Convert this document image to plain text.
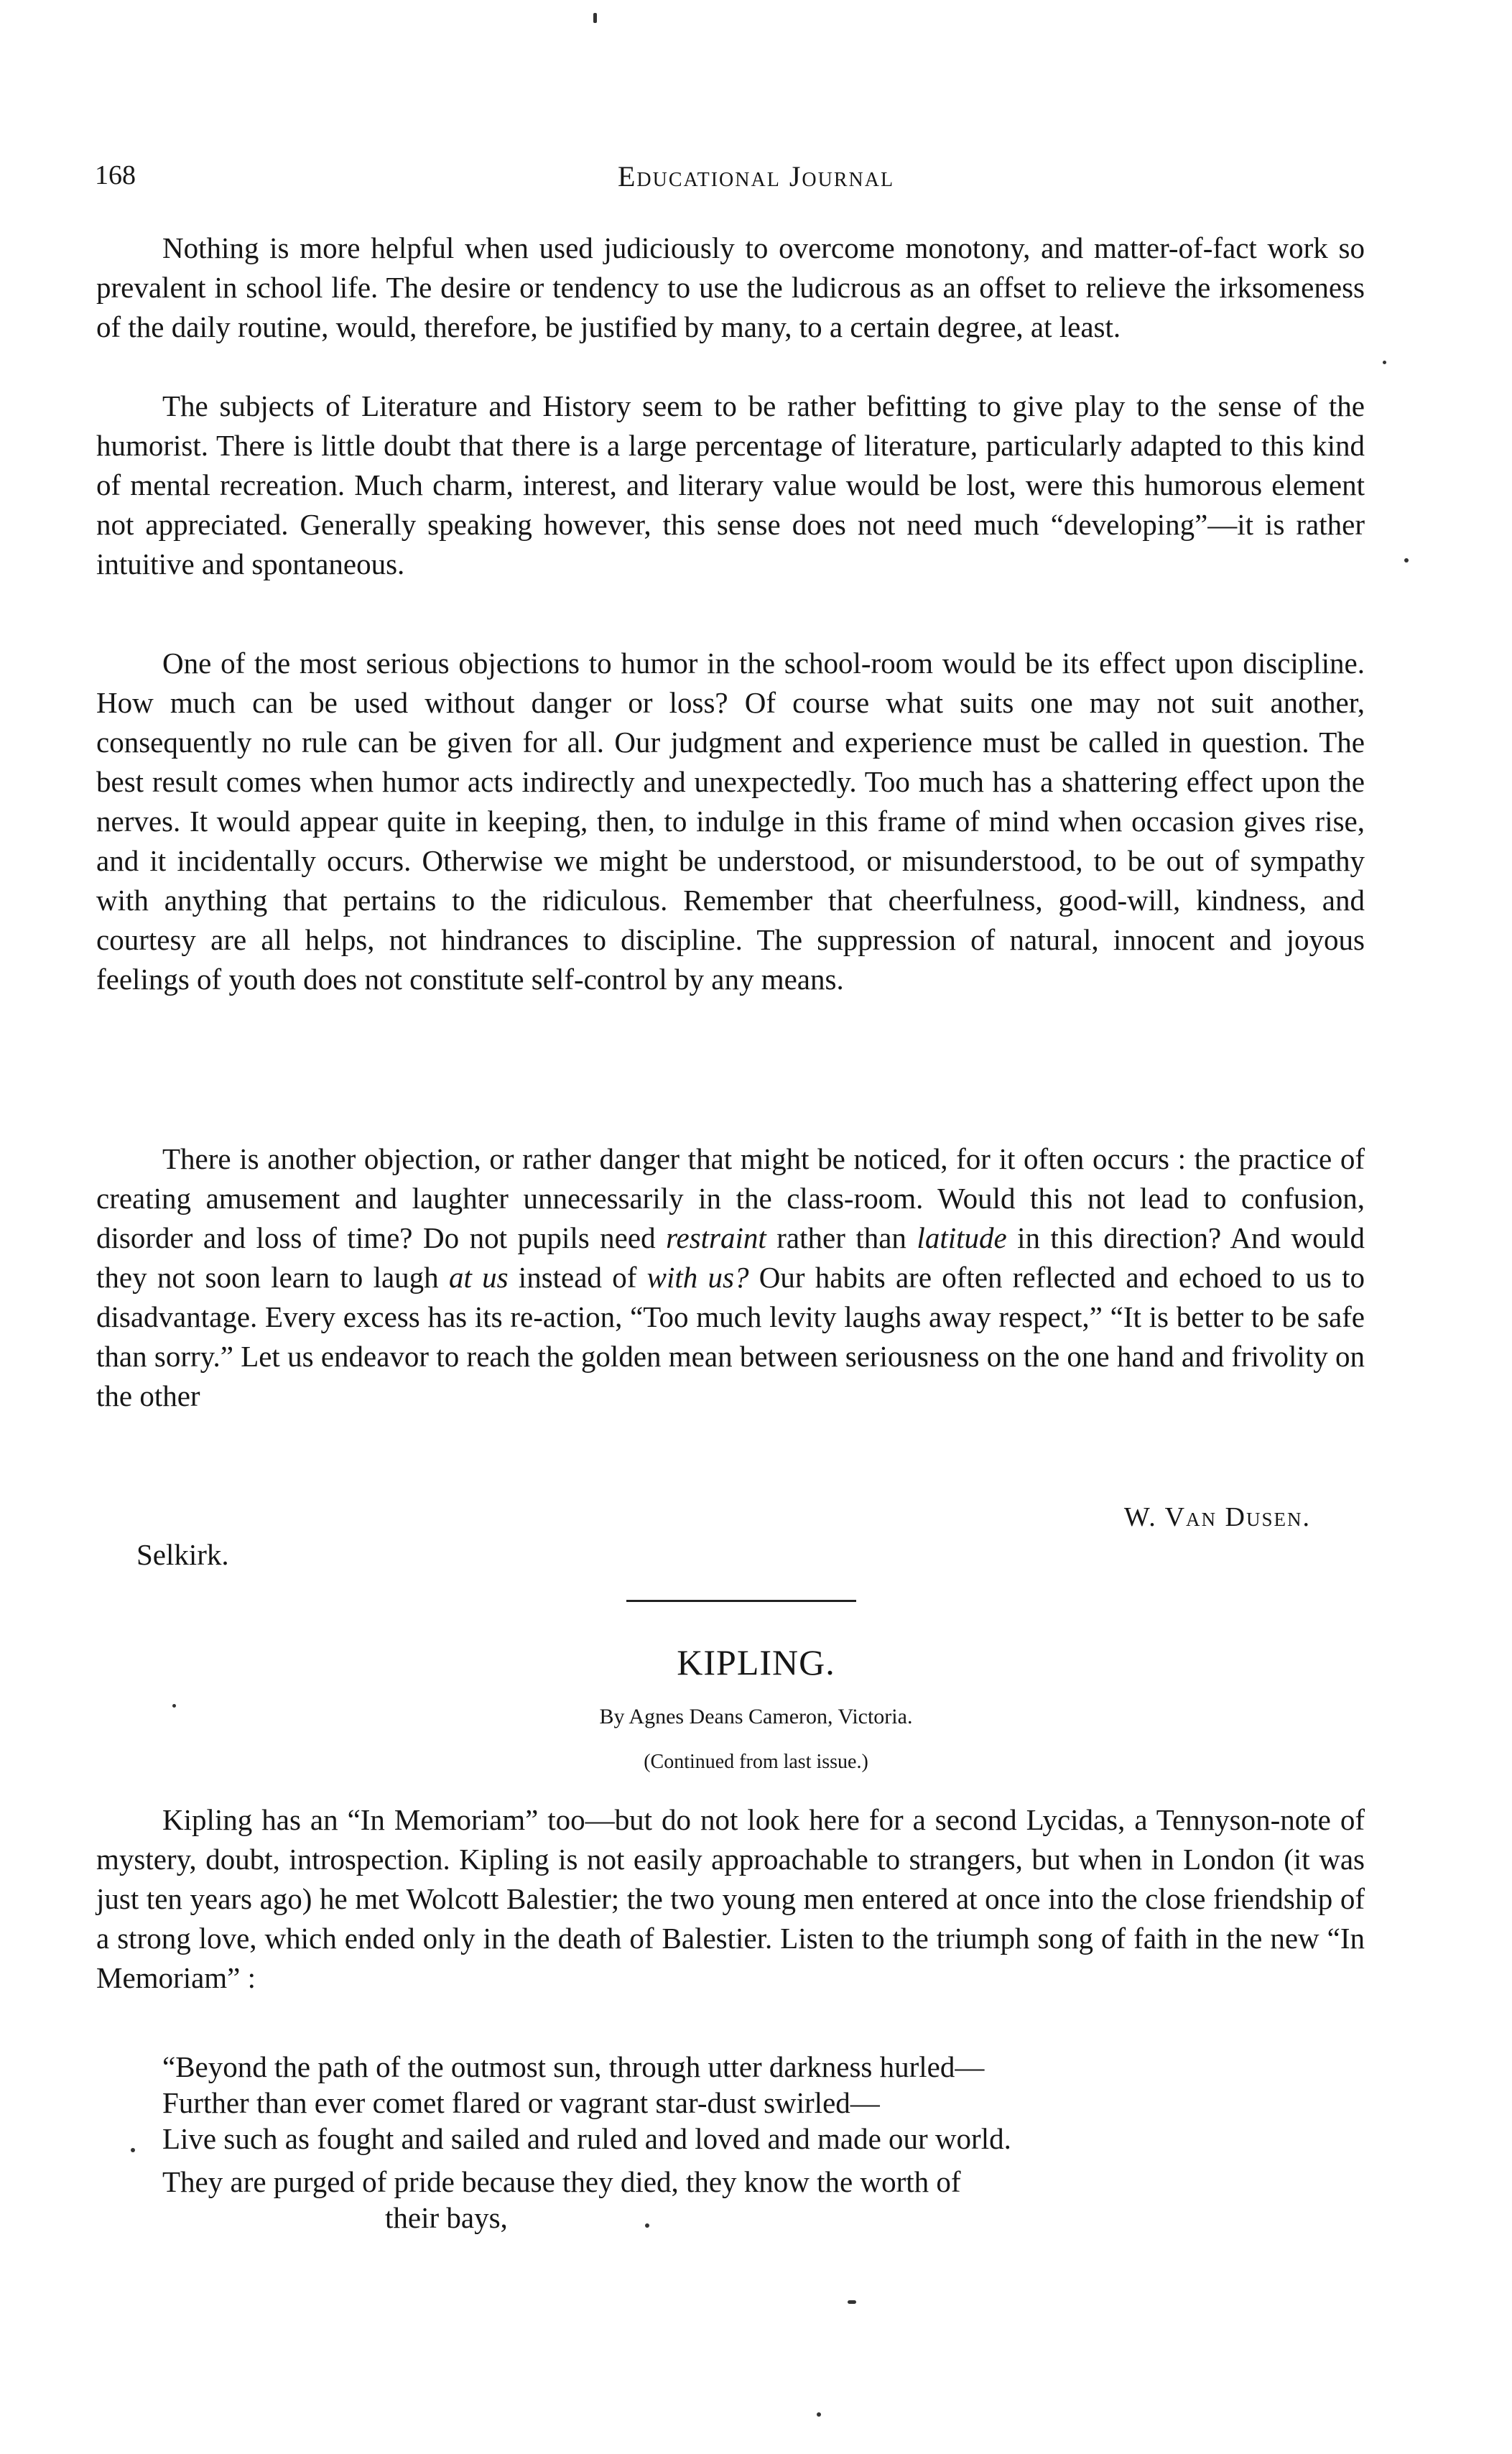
168	Educational Journal

Nothing is more helpful when used judiciously to overcome monotony, and matter-of-fact work so prevalent in school life. The desire or tendency to use the ludicrous as an offset to relieve the irksomeness of the daily routine, would, therefore, be justified by many, to a certain degree, at least.

The subjects of Literature and History seem to be rather befitting to give play to the sense of the humorist. There is little doubt that there is a large percentage of literature, particularly adapted to this kind of mental recreation. Much charm, interest, and literary value would be lost, were this humorous element not appreciated. Generally speaking however, this sense does not need much “developing”—it is rather intuitive and spontaneous.

One of the most serious objections to humor in the school-room would be its effect upon discipline. How much can be used without danger or loss? Of course what suits one may not suit another, consequently no rule can be given for all. Our judgment and experience must be called in question. The best result comes when humor acts indirectly and unexpectedly. Too much has a shattering effect upon the nerves. It would appear quite in keeping, then, to indulge in this frame of mind when occasion gives rise, and it incidentally occurs. Otherwise we might be understood, or misunderstood, to be out of sympathy with anything that pertains to the ridiculous. Remember that cheerfulness, good-will, kindness, and courtesy are all helps, not hindrances to discipline. The suppression of natural, innocent and joyous feelings of youth does not constitute self-control by any means.

There is another objection, or rather danger that might be noticed, for it often occurs : the practice of creating amusement and laughter unnecessarily in the class-room. Would this not lead to confusion, disorder and loss of time? Do not pupils need restraint rather than latitude in this direction? And would they not soon learn to laugh at us instead of with us? Our habits are often reflected and echoed to us to disadvantage. Every excess has its re-action, “Too much levity laughs away respect,” “It is better to be safe than sorry.” Let us endeavor to reach the golden mean between seriousness on the one hand and frivolity on the other

W. Van Dusen.
Selkirk.
KIPLING.
By Agnes Deans Cameron, Victoria.
(Continued from last issue.)

Kipling has an “In Memoriam” too—but do not look here for a second Lycidas, a Tennyson-note of mystery, doubt, introspection. Kipling is not easily approachable to strangers, but when in London (it was just ten years ago) he met Wolcott Balestier; the two young men entered at once into the close friendship of a strong love, which ended only in the death of Balestier. Listen to the triumph song of faith in the new “In Memoriam” :

“Beyond the path of the outmost sun, through utter darkness hurled—
Further than ever comet flared or vagrant star-dust swirled—
Live such as fought and sailed and ruled and loved and made our world.
They are purged of pride because they died, they know the worth of
their bays,
